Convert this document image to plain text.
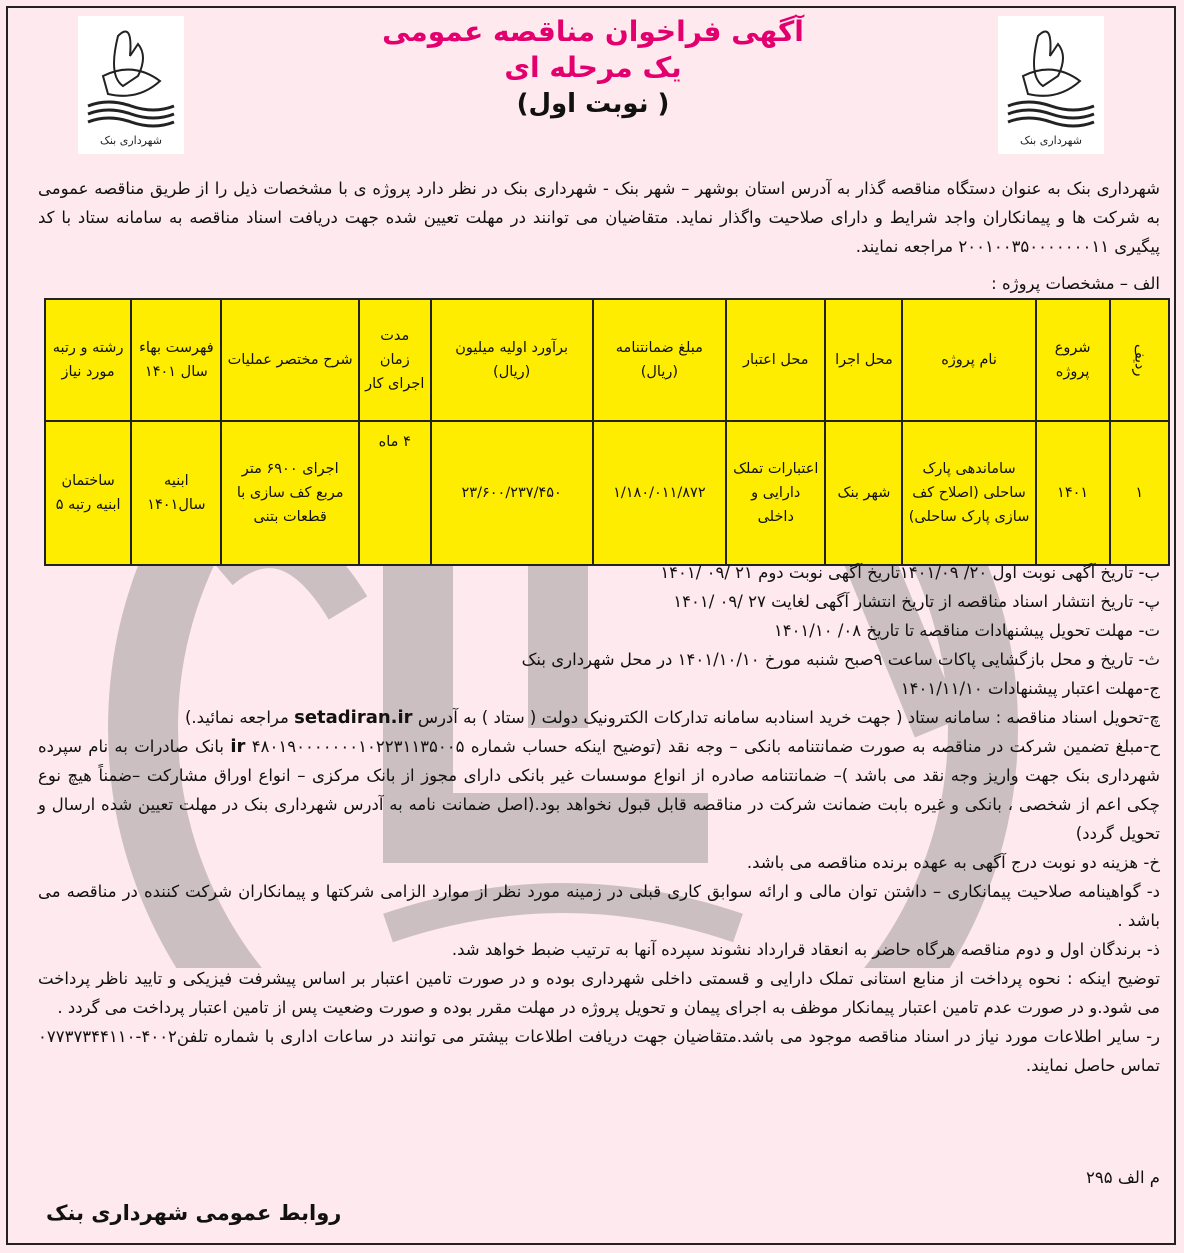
شهرداری بنک	شهرداری بنک

آگهی فراخوان مناقصه عمومی

یک مرحله ای

( نوبت اول)

شهرداری بنک به عنوان دستگاه مناقصه گذار به آدرس استان بوشهر – شهر بنک - شهرداری بنک در نظر دارد پروژه ی با مشخصات ذیل را از طریق مناقصه عمومی به شرکت ها و پیمانکاران واجد شرایط و دارای صلاحیت واگذار نماید. متقاضیان می توانند در مهلت تعیین شده جهت دریافت اسناد مناقصه به سامانه ستاد با کد پیگیری ۲۰۰۱۰۰۳۵۰۰۰۰۰۰۰۱۱ مراجعه نمایند.

الف – مشخصات پروژه :
ردیف	شروع پروژه	نام پروژه	محل اجرا	محل اعتبار	مبلغ ضمانتنامه (ریال)	برآورد اولیه میلیون (ریال)	مدت زمان اجرای کار	شرح مختصر عملیات	فهرست بهاء سال ۱۴۰۱	رشته و رتبه مورد نیاز
۱	۱۴۰۱	ساماندهی پارک ساحلی (اصلاح کف سازی پارک ساحلی)	شهر بنک	اعتبارات تملک دارایی و داخلی	۱/۱۸۰/۰۱۱/۸۷۲	۲۳/۶۰۰/۲۳۷/۴۵۰	۴ ماه	اجرای ۶۹۰۰ متر مربع کف سازی با قطعات بتنی	ابنیه سال۱۴۰۱	ساختمان ابنیه رتبه ۵

ب- تاریخ آگهی نوبت اول ۲۰/ ۱۴۰۱/۰۹تاریخ آگهی نوبت دوم ۲۱ /۰۹ /۱۴۰۱

پ- تاریخ انتشار اسناد مناقصه از تاریخ انتشار آگهی لغایت ۲۷ /۰۹ /۱۴۰۱

ت- مهلت تحویل پیشنهادات مناقصه تا تاریخ ۰۸/ ۱۴۰۱/۱۰

ث- تاریخ و محل بازگشایی پاکات ساعت ۹صبح شنبه مورخ ۱۴۰۱/۱۰/۱۰ در محل شهرداری بنک

ج-مهلت اعتبار پیشنهادات ۱۴۰۱/۱۱/۱۰

چ-تحویل اسناد مناقصه : سامانه ستاد ( جهت خرید اسنادبه سامانه تدارکات الکترونیک دولت ( ستاد ) به آدرس setadiran.ir مراجعه نمائید.)

ح-مبلغ تضمین شرکت در مناقصه به صورت ضمانتنامه بانکی – وجه نقد (توضیح اینکه حساب شماره ir ۴۸۰۱۹۰۰۰۰۰۰۰۱۰۲۲۳۱۱۳۵۰۰۵ بانک صادرات به نام سپرده شهرداری بنک جهت واریز وجه نقد می باشد )– ضمانتنامه صادره از انواع موسسات غیر بانکی دارای مجوز از بانک مرکزی – انواع اوراق مشارکت –ضمناً هیچ نوع چکی اعم از شخصی ، بانکی و غیره بابت ضمانت شرکت در مناقصه قابل قبول نخواهد بود.(اصل ضمانت نامه به آدرس شهرداری بنک در مهلت تعیین شده ارسال و تحویل گردد)

خ- هزینه دو نوبت درج آگهی به عهده برنده مناقصه می باشد.

د- گواهینامه صلاحیت پیمانکاری – داشتن توان مالی و ارائه سوابق کاری قبلی در زمینه مورد نظر از موارد الزامی شرکتها و پیمانکاران شرکت کننده در مناقصه می باشد .

ذ- برندگان اول و دوم مناقصه هرگاه حاضر به انعقاد قرارداد نشوند سپرده آنها به ترتیب ضبط خواهد شد.

توضیح اینکه : نحوه پرداخت از منابع استانی تملک دارایی و قسمتی داخلی شهرداری بوده و در صورت تامین اعتبار بر اساس پیشرفت فیزیکی و تایید ناظر پرداخت می شود.و در صورت عدم تامین اعتبار پیمانکار موظف به اجرای پیمان و تحویل پروژه در مهلت مقرر بوده و صورت وضعیت پس از تامین اعتبار پرداخت می گردد .

ر- سایر اطلاعات مورد نیاز در اسناد مناقصه موجود می باشد.متقاضیان جهت دریافت اطلاعات بیشتر می توانند در ساعات اداری با شماره تلفن۴۰۰۲-۰۷۷۳۷۳۴۴۱۱۰ تماس حاصل نمایند.

م الف ۲۹۵
روابط عمومی شهرداری بنک
